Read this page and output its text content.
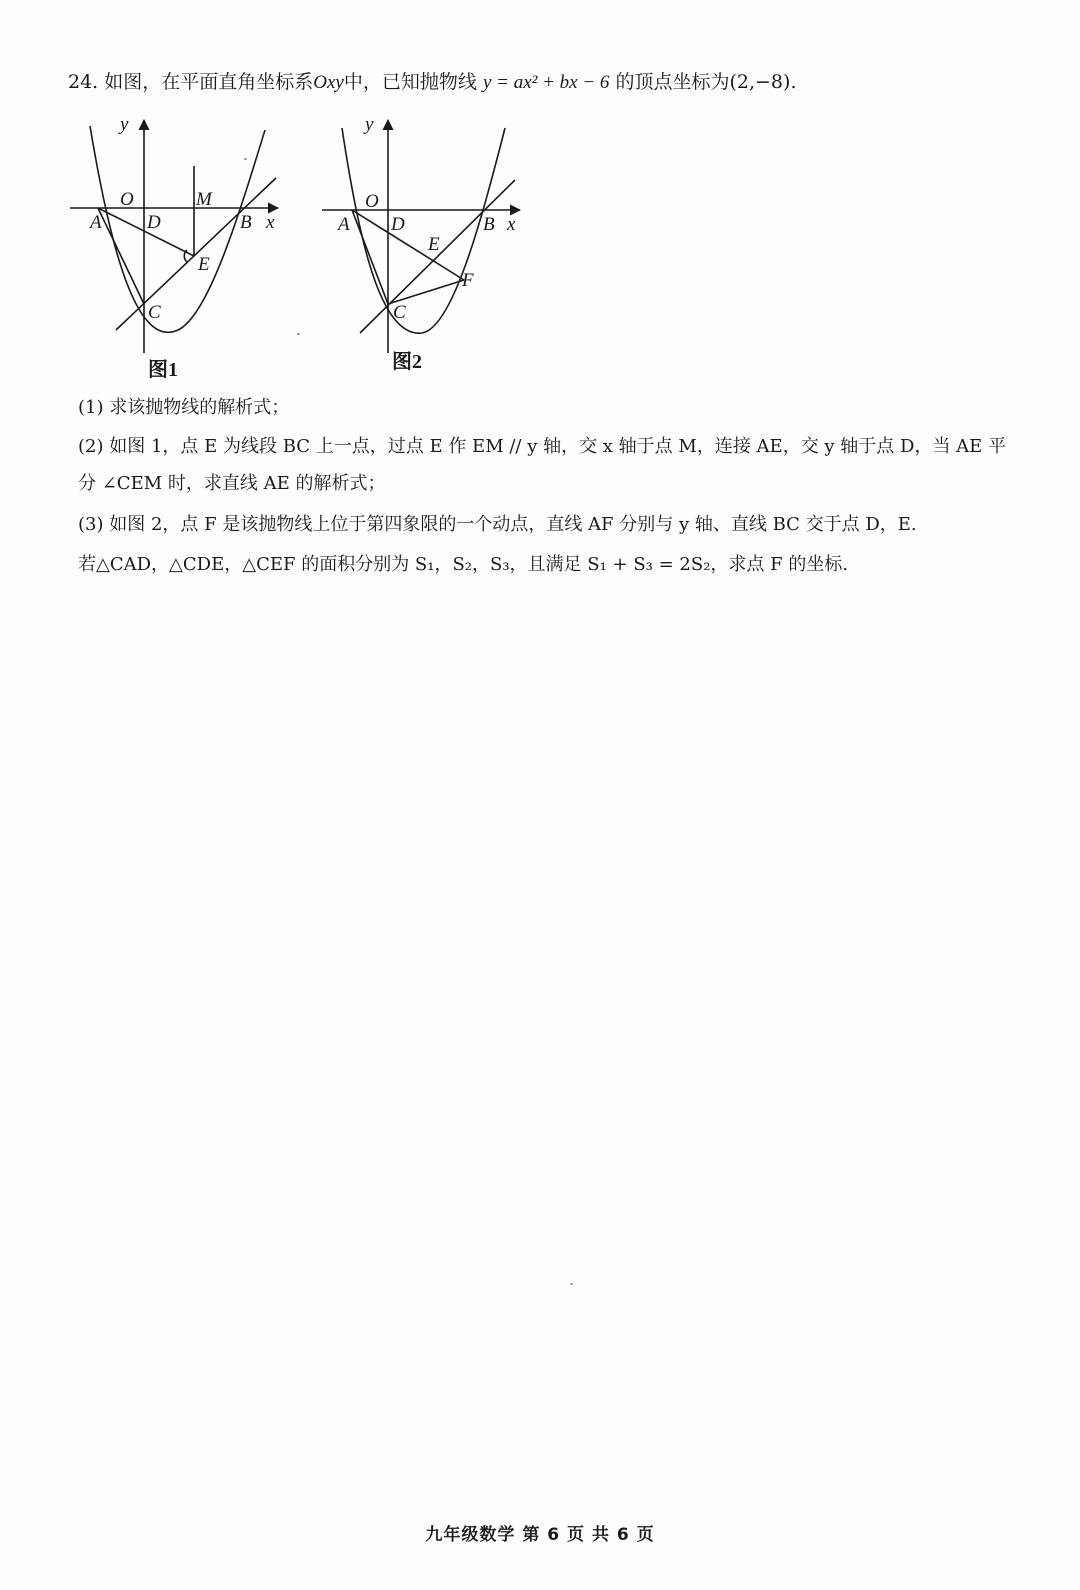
24. 如图，在平面直角坐标系Oxy中，已知抛物线 y = ax² + bx − 6 的顶点坐标为(2,−8).
y
x
O
A D
M
B
E
C
图1
y
x
O
A D	B
E
F
C
图2
(1) 求该抛物线的解析式；
(2) 如图 1，点 E 为线段 BC 上一点，过点 E 作 EM // y 轴，交 x 轴于点 M，连接 AE，交 y 轴于点 D，当 AE 平
分 ∠CEM 时，求直线 AE 的解析式；
(3) 如图 2，点 F 是该抛物线上位于第四象限的一个动点，直线 AF 分别与 y 轴、直线 BC 交于点 D，E.
若△CAD，△CDE，△CEF 的面积分别为 S₁，S₂，S₃，且满足 S₁ + S₃ = 2S₂，求点 F 的坐标.
九年级数学 第 6 页 共 6 页
